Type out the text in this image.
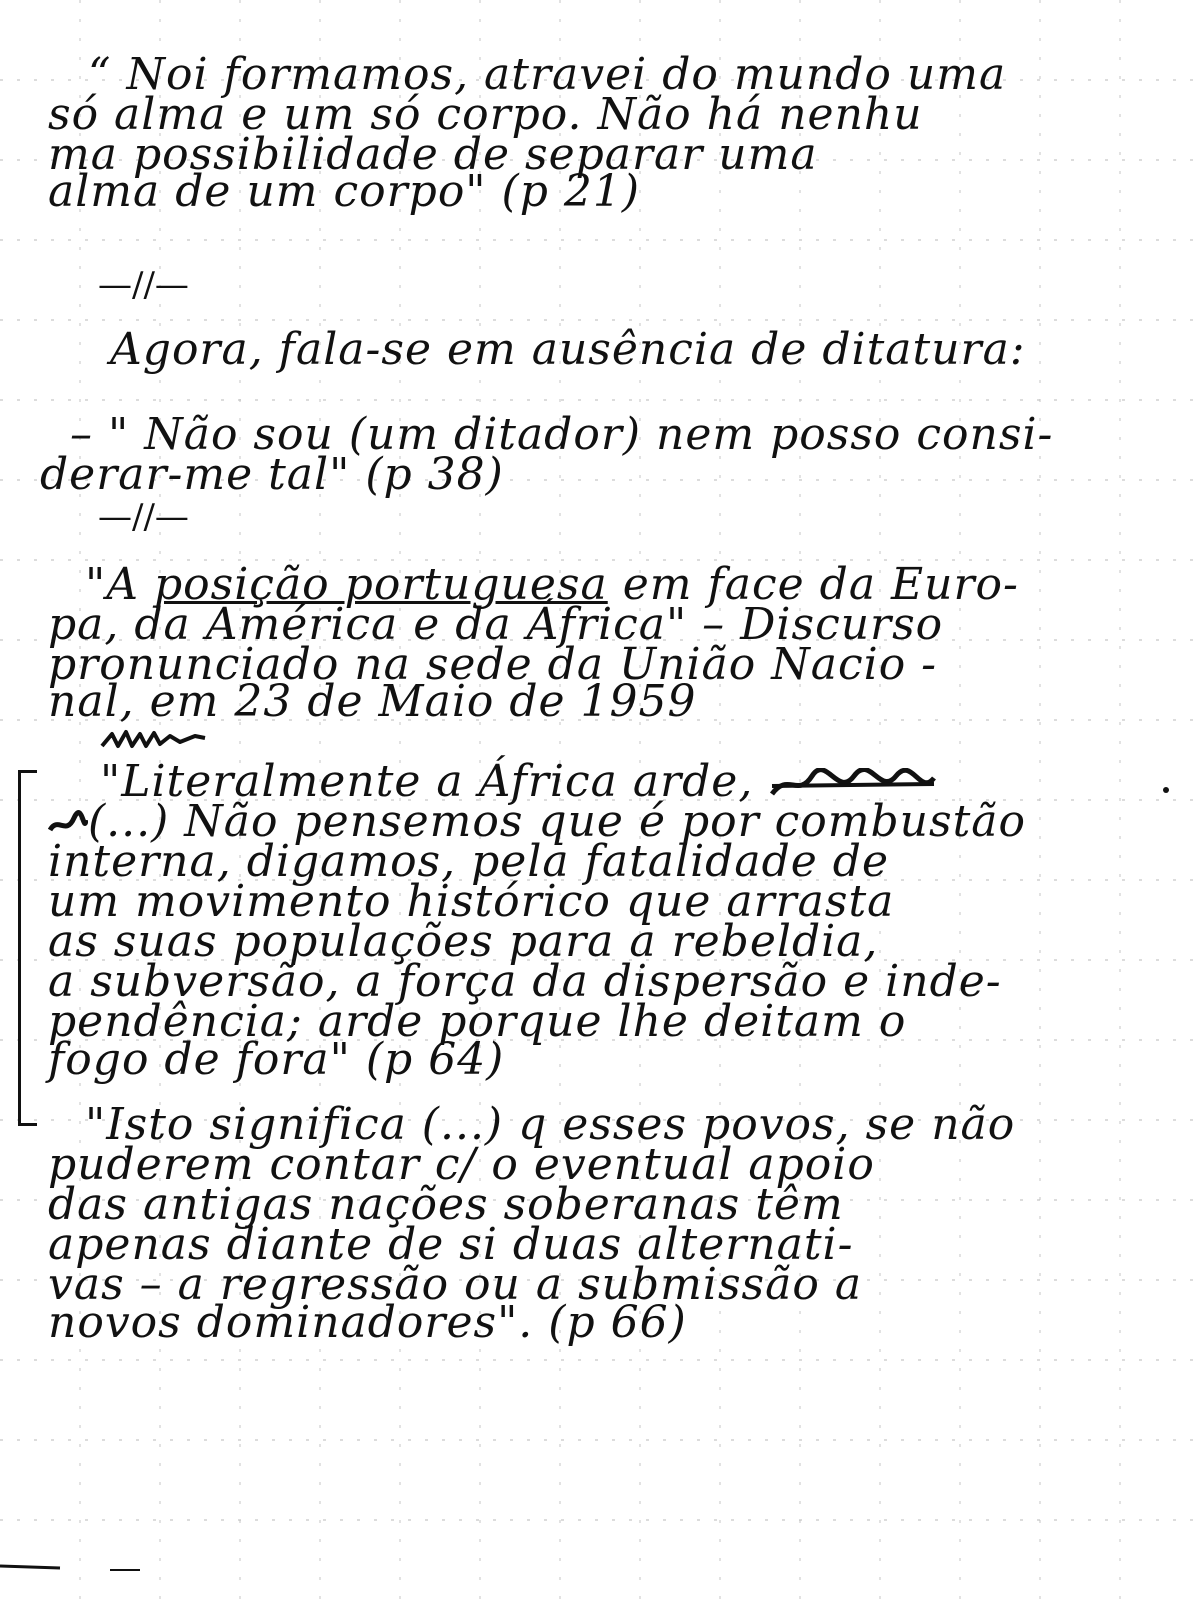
“ Noi formamos, atravei do mundo uma
só alma e um só corpo. Não há nenhu
ma possibilidade de separar uma
alma de um corpo" (p 21)
—//—
Agora, fala-se em ausência de ditatura:
– " Não sou (um ditador) nem posso consi-
derar-me tal" (p 38)
—//—
"A posição portuguesa em face da Euro-
pa, da América e da África" – Discurso
pronunciado na sede da União Nacio -
nal, em 23 de Maio de 1959
"Literalmente a África arde,
(...) Não pensemos que é por combustão
interna, digamos, pela fatalidade de
um movimento histórico que arrasta
as suas populações para a rebeldia,
a subversão, a força da dispersão e inde-
pendência; arde porque lhe deitam o
fogo de fora" (p 64)
"Isto significa (...) q esses povos, se não
puderem contar c/ o eventual apoio
das antigas nações soberanas têm
apenas diante de si duas alternati-
vas – a regressão ou a submissão a
novos dominadores". (p 66)
